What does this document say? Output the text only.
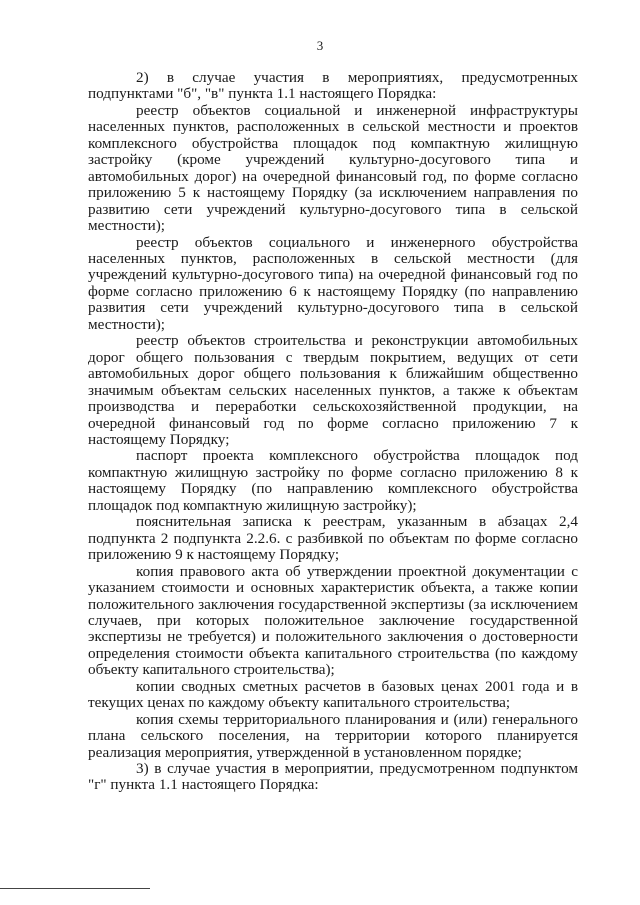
3

2) в случае участия в мероприятиях, предусмотренных подпунктами "б", "в" пункта 1.1 настоящего Порядка:

реестр объектов социальной и инженерной инфраструктуры населенных пунктов, расположенных в сельской местности и проектов комплексного обустройства площадок под компактную жилищную застройку (кроме учреждений культурно-досугового типа и автомобильных дорог) на очередной финансовый год, по форме согласно приложению 5 к настоящему Порядку (за исключением направления по развитию сети учреждений культурно-досугового типа в сельской местности);

реестр объектов социального и инженерного обустройства населенных пунктов, расположенных в сельской местности (для учреждений культурно-досугового типа) на очередной финансовый год по форме согласно приложению 6 к настоящему Порядку (по направлению развития сети учреждений культурно-досугового типа в сельской местности);

реестр объектов строительства и реконструкции автомобильных дорог общего пользования с твердым покрытием, ведущих от сети автомобильных дорог общего пользования к ближайшим общественно значимым объектам сельских населенных пунктов, а также к объектам производства и переработки сельскохозяйственной продукции, на очередной финансовый год по форме согласно приложению 7 к настоящему Порядку;

паспорт проекта комплексного обустройства площадок под компактную жилищную застройку по форме согласно приложению 8 к настоящему Порядку (по направлению комплексного обустройства площадок под компактную жилищную застройку);

пояснительная записка к реестрам, указанным в абзацах 2,4 подпункта 2 подпункта 2.2.6. с разбивкой по объектам по форме согласно приложению 9 к настоящему Порядку;

копия правового акта об утверждении проектной документации с указанием стоимости и основных характеристик объекта, а также копии положительного заключения государственной экспертизы (за исключением случаев, при которых положительное заключение государственной экспертизы не требуется) и положительного заключения о достоверности определения стоимости объекта капитального строительства (по каждому объекту капитального строительства);

копии сводных сметных расчетов в базовых ценах 2001 года и в текущих ценах по каждому объекту капитального строительства;

копия схемы территориального планирования и (или) генерального плана сельского поселения, на территории которого планируется реализация мероприятия, утвержденной в установленном порядке;

3) в случае участия в мероприятии, предусмотренном подпунктом "г" пункта 1.1 настоящего Порядка:
